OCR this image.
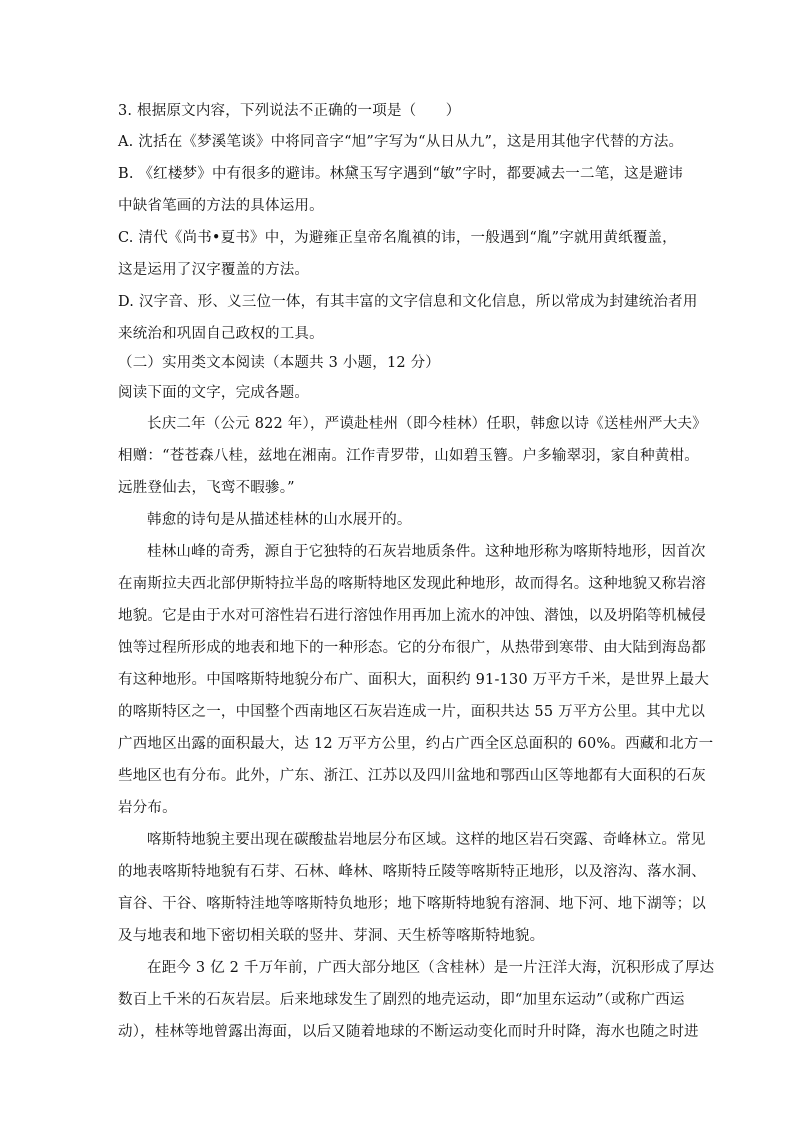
3. 根据原文内容，下列说法不正确的一项是（　　）
A. 沈括在《梦溪笔谈》中将同音字“旭”字写为“从日从九”，这是用其他字代替的方法。
B. 《红楼梦》中有很多的避讳。林黛玉写字遇到“敏”字时，都要减去一二笔，这是避讳
中缺省笔画的方法的具体运用。
C. 清代《尚书•夏书》中，为避雍正皇帝名胤禛的讳，一般遇到“胤”字就用黄纸覆盖，
这是运用了汉字覆盖的方法。
D. 汉字音、形、义三位一体，有其丰富的文字信息和文化信息，所以常成为封建统治者用
来统治和巩固自己政权的工具。
（二）实用类文本阅读（本题共 3 小题，12 分）
阅读下面的文字，完成各题。
长庆二年（公元 822 年），严谟赴桂州（即今桂林）任职，韩愈以诗《送桂州严大夫》
相赠：“苍苍森八桂，兹地在湘南。江作青罗带，山如碧玉簪。户多输翠羽，家自种黄柑。
远胜登仙去，飞鸾不暇骖。”
韩愈的诗句是从描述桂林的山水展开的。
桂林山峰的奇秀，源自于它独特的石灰岩地质条件。这种地形称为喀斯特地形，因首次
在南斯拉夫西北部伊斯特拉半岛的喀斯特地区发现此种地形，故而得名。这种地貌又称岩溶
地貌。它是由于水对可溶性岩石进行溶蚀作用再加上流水的冲蚀、潜蚀，以及坍陷等机械侵
蚀等过程所形成的地表和地下的一种形态。它的分布很广，从热带到寒带、由大陆到海岛都
有这种地形。中国喀斯特地貌分布广、面积大，面积约 91-130 万平方千米，是世界上最大
的喀斯特区之一，中国整个西南地区石灰岩连成一片，面积共达 55 万平方公里。其中尤以
广西地区出露的面积最大，达 12 万平方公里，约占广西全区总面积的 60%。西藏和北方一
些地区也有分布。此外，广东、浙江、江苏以及四川盆地和鄂西山区等地都有大面积的石灰
岩分布。
喀斯特地貌主要出现在碳酸盐岩地层分布区域。这样的地区岩石突露、奇峰林立。常见
的地表喀斯特地貌有石芽、石林、峰林、喀斯特丘陵等喀斯特正地形，以及溶沟、落水洞、
盲谷、干谷、喀斯特洼地等喀斯特负地形；地下喀斯特地貌有溶洞、地下河、地下湖等；以
及与地表和地下密切相关联的竖井、芽洞、天生桥等喀斯特地貌。
在距今 3 亿 2 千万年前，广西大部分地区（含桂林）是一片汪洋大海，沉积形成了厚达
数百上千米的石灰岩层。后来地球发生了剧烈的地壳运动，即“加里东运动”（或称广西运
动），桂林等地曾露出海面，以后又随着地球的不断运动变化而时升时降，海水也随之时进
